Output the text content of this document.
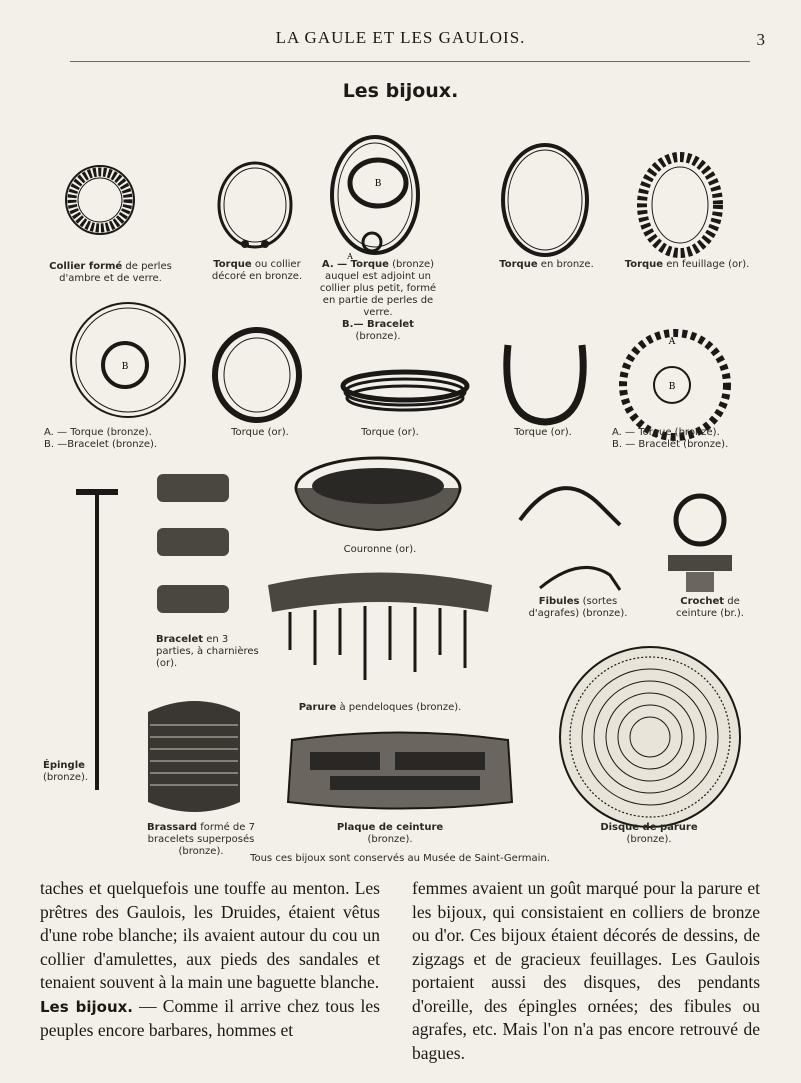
LA GAULE ET LES GAULOIS.	3
Les bijoux.
B
A
B
B
A
Collier formé de perles d'ambre et de verre.
Torque ou collier décoré en bronze.
A. — Torque (bronze) auquel est adjoint un collier plus petit, formé en partie de perles de verre.
B.— Bracelet (bronze).
Torque en bronze.	Torque en feuillage (or).
A. — Torque (bronze).
B. —Bracelet (bronze).
Torque (or).	Torque (or).	Torque (or).	A. — Torque (bronze).
B. — Bracelet (bronze).
Couronne (or).
Fibules (sortes d'agrafes) (bronze).
Crochet de ceinture (br.).
Bracelet en 3 parties, à charnières (or).
Parure à pendeloques (bronze).
Épingle
(bronze).
Brassard formé de 7 bracelets superposés (bronze).
Plaque de ceinture
(bronze).
Disque de parure
(bronze).
Tous ces bijoux sont conservés au Musée de Saint-Germain.
taches et quelquefois une touffe au menton. Les prêtres des Gaulois, les Druides, étaient vêtus d'une robe blanche; ils avaient autour du cou un collier d'amulettes, aux pieds des sandales et tenaient souvent à la main une baguette blanche.
Les bijoux. — Comme il arrive chez tous les peuples encore barbares, hommes et
femmes avaient un goût marqué pour la parure et les bijoux, qui consistaient en colliers de bronze ou d'or. Ces bijoux étaient décorés de dessins, de zigzags et de gracieux feuillages. Les Gaulois portaient aussi des disques, des pendants d'oreille, des épingles ornées; des fibules ou agrafes, etc. Mais l'on n'a pas encore retrouvé de bagues.
